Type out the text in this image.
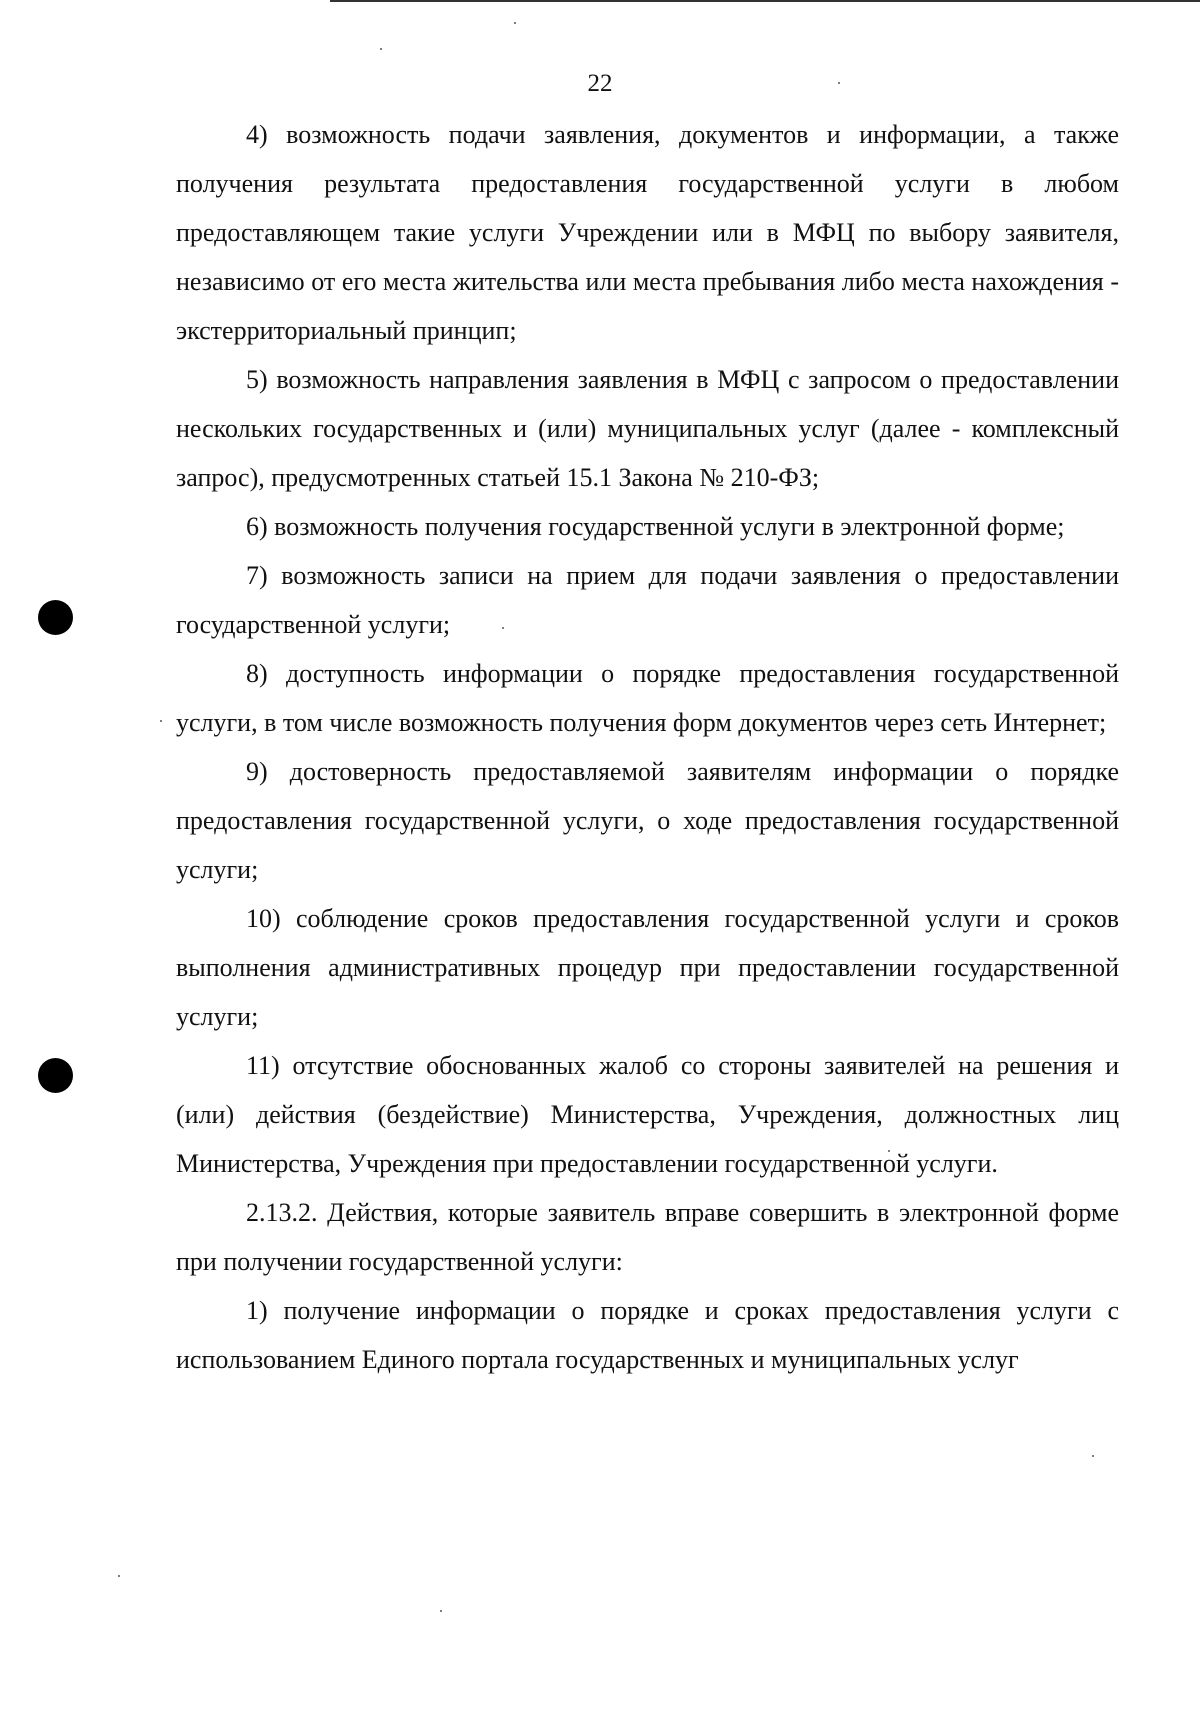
22

4) возможность подачи заявления, документов и информации, а также получения результата предоставления государственной услуги в любом предоставляющем такие услуги Учреждении или в МФЦ по выбору заявителя, независимо от его места жительства или места пребывания либо места нахождения - экстерриториальный принцип;

5) возможность направления заявления в МФЦ с запросом о предоставлении нескольких государственных и (или) муниципальных услуг (далее - комплексный запрос), предусмотренных статьей 15.1 Закона № 210-ФЗ;

6) возможность получения государственной услуги в электронной форме;

7) возможность записи на прием для подачи заявления о предоставлении государственной услуги;

8) доступность информации о порядке предоставления государственной услуги, в том числе возможность получения форм документов через сеть Интернет;

9) достоверность предоставляемой заявителям информации о порядке предоставления государственной услуги, о ходе предоставления государственной услуги;

10) соблюдение сроков предоставления государственной услуги и сроков выполнения административных процедур при предоставлении государственной услуги;

11) отсутствие обоснованных жалоб со стороны заявителей на решения и (или) действия (бездействие) Министерства, Учреждения, должностных лиц Министерства, Учреждения при предоставлении государственной услуги.

2.13.2. Действия, которые заявитель вправе совершить в электронной форме при получении государственной услуги:

1) получение информации о порядке и сроках предоставления услуги с использованием Единого портала государственных и муниципальных услуг
